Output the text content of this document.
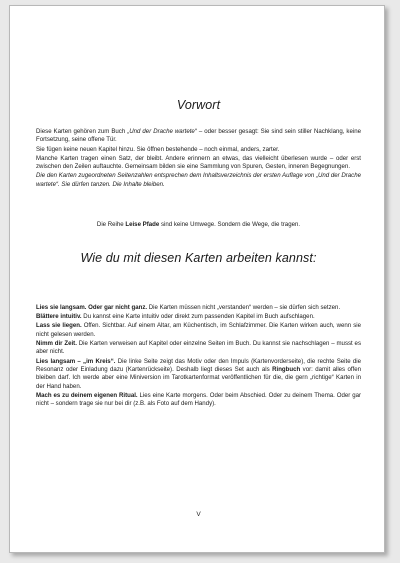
Vorwort

Diese Karten gehören zum Buch „Und der Drache wartete“ – oder besser gesagt: Sie sind sein stiller Nachklang, keine Fortsetzung, seine offene Tür.

Sie fügen keine neuen Kapitel hinzu. Sie öffnen bestehende – noch einmal, anders, zarter.

Manche Karten tragen einen Satz, der bleibt. Andere erinnern an etwas, das vielleicht überlesen wurde – oder erst zwischen den Zeilen auftauchte. Gemeinsam bilden sie eine Sammlung von Spuren, Gesten, inneren Begegnungen.

Die den Karten zugeordneten Seitenzahlen entsprechen dem Inhaltsverzeichnis der ersten Auflage von „Und der Drache wartete“. Sie dürfen tanzen. Die Inhalte bleiben.

Die Reihe Leise Pfade sind keine Umwege. Sondern die Wege, die tragen.
Wie du mit diesen Karten arbeiten kannst:

Lies sie langsam. Oder gar nicht ganz. Die Karten müssen nicht „verstanden“ werden – sie dürfen sich setzen.

Blättere intuitiv. Du kannst eine Karte intuitiv oder direkt zum passenden Kapitel im Buch aufschlagen.

Lass sie liegen. Offen. Sichtbar. Auf einem Altar, am Küchentisch, im Schlafzimmer. Die Karten wirken auch, wenn sie nicht gelesen werden.

Nimm dir Zeit. Die Karten verweisen auf Kapitel oder einzelne Seiten im Buch. Du kannst sie nachschlagen – musst es aber nicht.

Lies langsam – „im Kreis“. Die linke Seite zeigt das Motiv oder den Impuls (Kartenvorderseite), die rechte Seite die Resonanz oder Einladung dazu (Kartenrückseite). Deshalb liegt dieses Set auch als Ringbuch vor: damit alles offen bleiben darf. Ich werde aber eine Miniversion im Tarotkartenformat veröffentlichen für die, die gern „richtige“ Karten in der Hand haben.

Mach es zu deinem eigenen Ritual. Lies eine Karte morgens. Oder beim Abschied. Oder zu deinem Thema. Oder gar nicht – sondern trage sie nur bei dir (z.B. als Foto auf dem Handy).

V
